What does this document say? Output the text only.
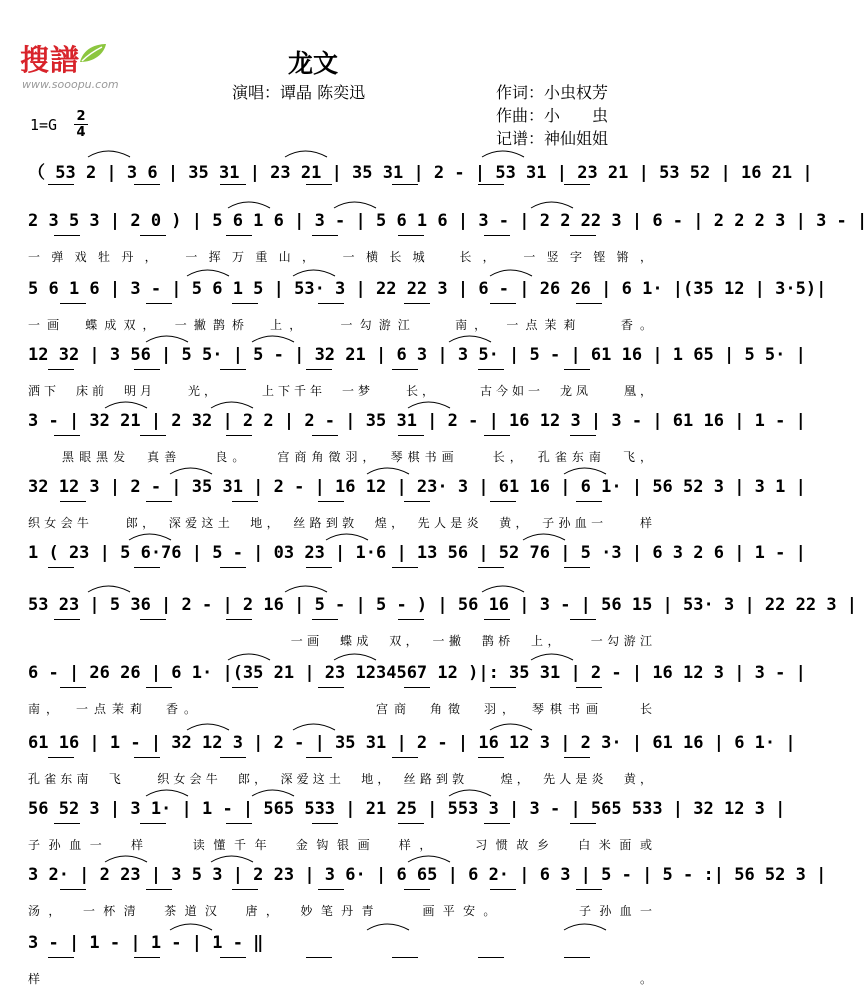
搜譜
www.sooopu.com
龙文
演唱：谭晶 陈奕迅	作词：小虫权芳
作曲：小　　虫
记谱：神仙姐姐
1=G 2
4
（ 53 2 | 3 6 | 35 31 | 23 21 | 35 31 | 2 - | 53 31 | 23 21 | 53 52 | 16 21 |
2 3 5 3 | 2 0 ) | 5 6 1 6 | 3 - | 5 6 1 6 | 3 - | 2 2 22 3 | 6 - | 2 2 2 3 | 3 - |
一弹戏牡丹，　一挥万重山，　一横长城　长，　一竖字铿锵，
5 6 1 6 | 3 - | 5 6 1 5 | 53· 3 | 22 22 3 | 6 - | 26 26 | 6 1· |(35 12 | 3·5)|
一画　蝶成双，　一撇鹊桥　上，　　一勾游江　　南，　一点茉莉　　香。
12 32 | 3 56 | 5 5· | 5 - | 32 21 | 6 3 | 3 5· | 5 - | 61 16 | 1 65 | 5 5· |
洒下　床前　明月　　光，　　　上下千年　一梦　　长，　　　古今如一　龙凤　　凰，
3 - | 32 21 | 2 32 | 2 2 | 2 - | 35 31 | 2 - | 16 12 3 | 3 - | 61 16 | 1 - |
　　黑眼黑发　真善　　良。　　宫商角徵羽，　琴棋书画　　长，　孔雀东南　飞，
32 12 3 | 2 - | 35 31 | 2 - | 16 12 | 23· 3 | 61 16 | 6 1· | 56 52 3 | 3 1 |
织女会牛　　郎，　深爱这土　地，　丝路到敦　煌，　先人是炎　黄，　子孙血一　　样
1 ( 23 | 5 6·76 | 5 - | 03 23 | 1·6 | 13 56 | 52 76 | 5 ·3 | 6 3 2 6 | 1 - |
53 23 | 5 36 | 2 - | 2 16 | 5 - | 5 - ) | 56 16 | 3 - | 56 15 | 53· 3 | 22 22 3 |
　　　　　　　　　　　　　　　　一画　蝶成　双，　一撇　鹊桥　上，　　一勾游江
6 - | 26 26 | 6 1· |(35 21 | 23 1234567 12 )|: 35 31 | 2 - | 16 12 3 | 3 - |
南，　一点茉莉　香。　　　　　　　　　　宫商　角徵　羽，　琴棋书画　　长
61 16 | 1 - | 32 12 3 | 2 - | 35 31 | 2 - | 16 12 3 | 2 3· | 61 16 | 6 1· |
孔雀东南　飞　　织女会牛　郎，　深爱这土　地，　丝路到敦　　煌，　先人是炎　黄，
56 52 3 | 3 1· | 1 - | 565 533 | 21 25 | 553 3 | 3 - | 565 533 | 32 12 3 |
子孙血一　样　　读懂千年　金钩银画　样，　　习惯故乡　白米面或
3 2· | 2 23 | 3 5 3 | 2 23 | 3 6· | 6 65 | 6 2· | 6 3 | 5 - | 5 - :| 56 52 3 |
汤，　一杯清　茶道汉　唐，　妙笔丹青　　画平安。　　　　子孙血一
3 - | 1 - | 1 - | 1 - ‖
样。
